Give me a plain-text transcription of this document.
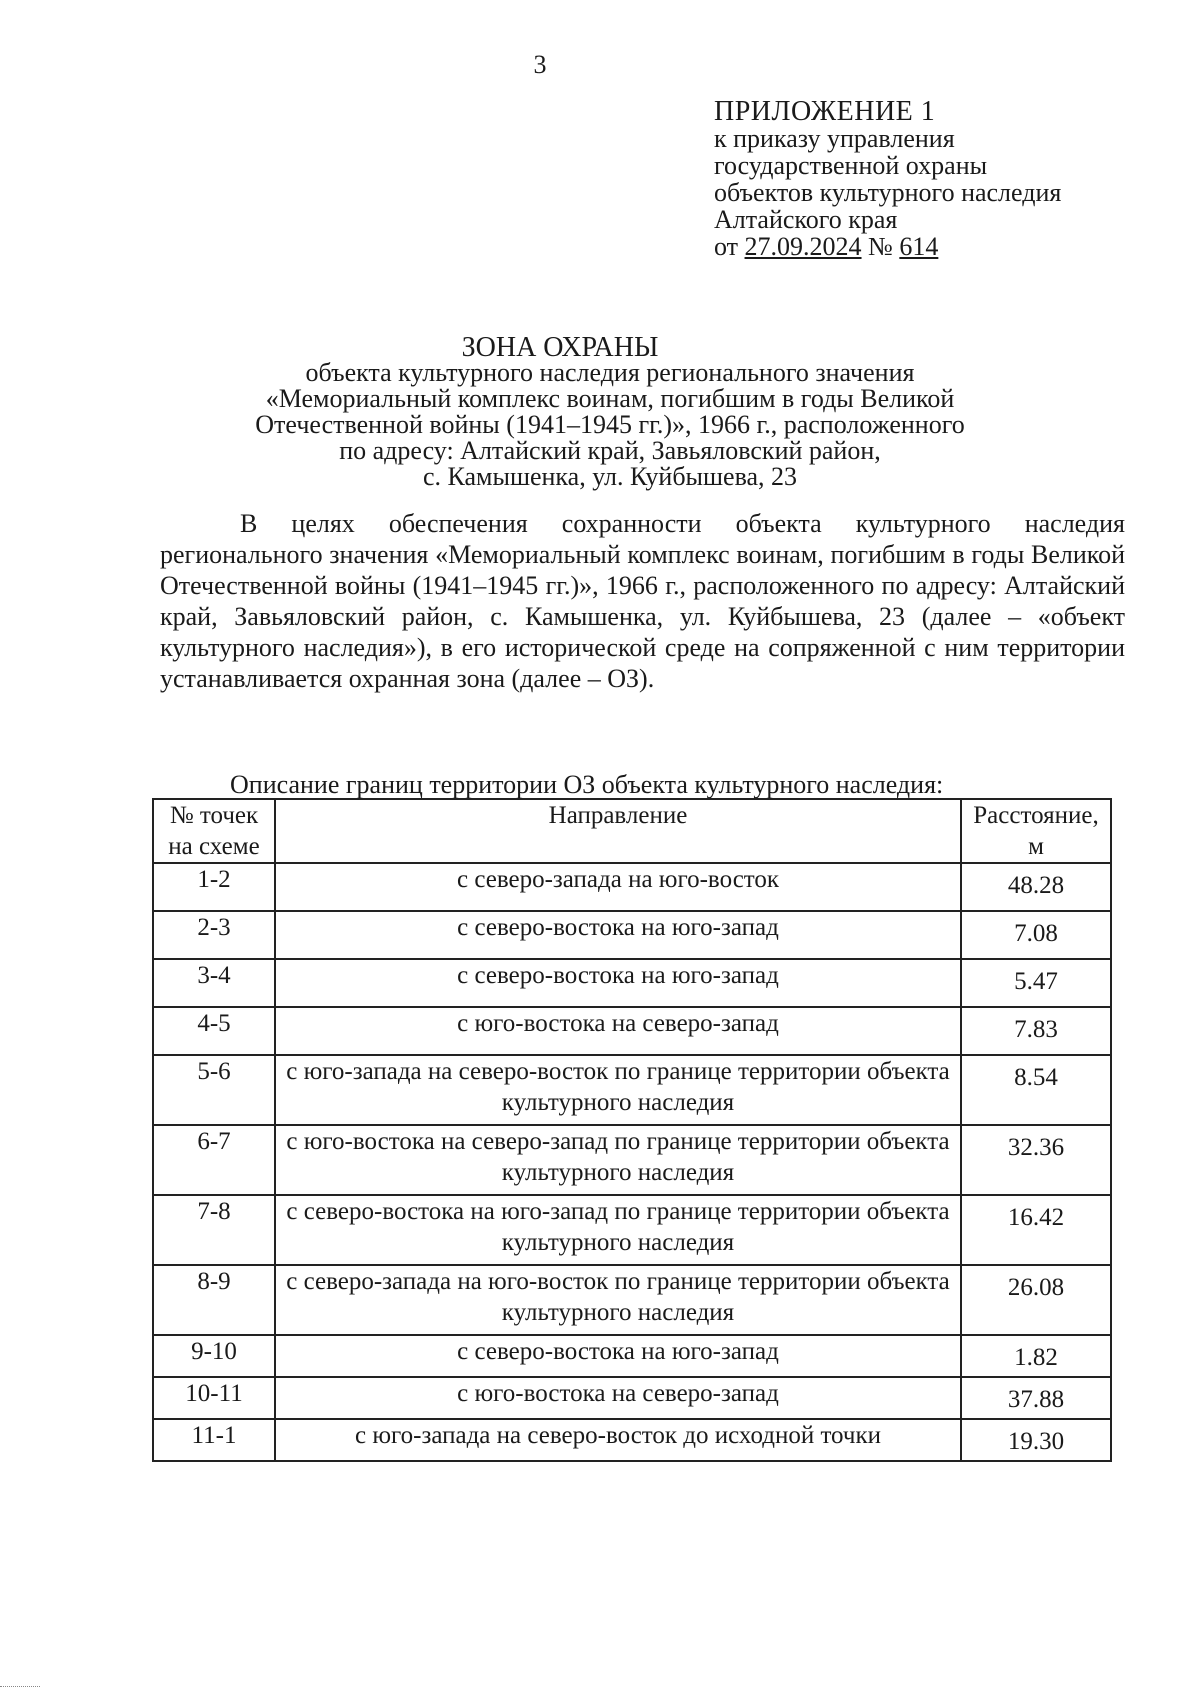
3
ПРИЛОЖЕНИЕ 1
к приказу управления
государственной охраны
объектов культурного наследия
Алтайского края
от 27.09.2024 № 614
ЗОНА ОХРАНЫ
объекта культурного наследия регионального значения
«Мемориальный комплекс воинам, погибшим в годы Великой
Отечественной войны (1941–1945 гг.)», 1966 г., расположенного
по адресу: Алтайский край, Завьяловский район,
с. Камышенка, ул. Куйбышева, 23
В целях обеспечения сохранности объекта культурного наследия регионального значения «Мемориальный комплекс воинам, погибшим в годы Великой Отечественной войны (1941–1945 гг.)», 1966 г., расположенного по адресу: Алтайский край, Завьяловский район, с. Камышенка, ул. Куйбышева, 23 (далее – «объект культурного наследия»), в его исторической среде на сопряженной с ним территории устанавливается охранная зона (далее – ОЗ).
Описание границ территории ОЗ объекта культурного наследия:
№ точек на схеме	Направление	Расстояние, м
1-2	с северо-запада на юго-восток	48.28
2-3	с северо-востока на юго-запад	7.08
3-4	с северо-востока на юго-запад	5.47
4-5	с юго-востока на северо-запад	7.83
5-6	с юго-запада на северо-восток по границе территории объекта культурного наследия	8.54
6-7	с юго-востока на северо-запад по границе территории объекта культурного наследия	32.36
7-8	с северо-востока на юго-запад по границе территории объекта культурного наследия	16.42
8-9	с северо-запада на юго-восток по границе территории объекта культурного наследия	26.08
9-10	с северо-востока на юго-запад	1.82
10-11	с юго-востока на северо-запад	37.88
11-1	с юго-запада на северо-восток до исходной точки	19.30
